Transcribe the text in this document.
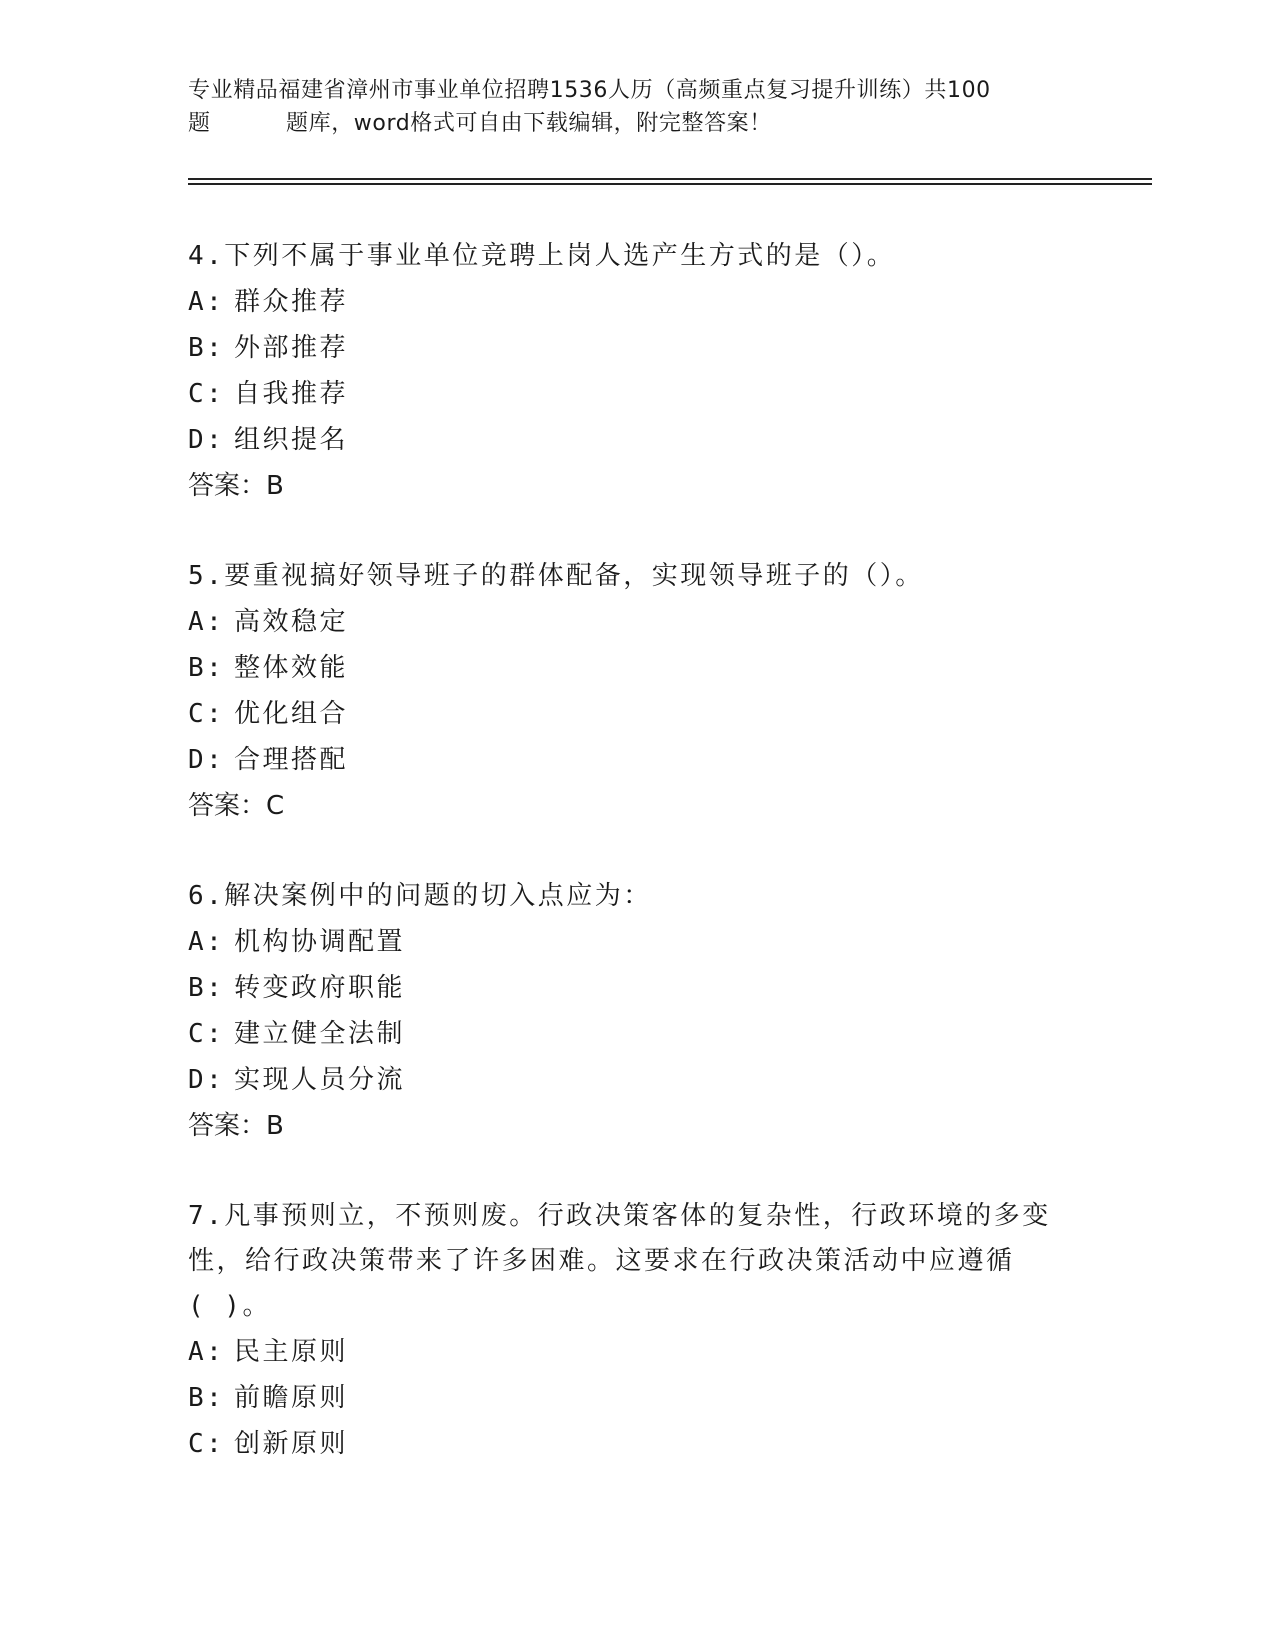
专业精品福建省漳州市事业单位招聘1536人历（高频重点复习提升训练）共100
题	题库，word格式可自由下载编辑，附完整答案！

4.下列不属于事业单位竞聘上岗人选产生方式的是（）。

A: 群众推荐

B: 外部推荐

C: 自我推荐

D: 组织提名

答案：B

5.要重视搞好领导班子的群体配备，实现领导班子的（）。

A: 高效稳定

B: 整体效能

C: 优化组合

D: 合理搭配

答案：C

6.解决案例中的问题的切入点应为：

A: 机构协调配置

B: 转变政府职能

C: 建立健全法制

D: 实现人员分流

答案：B

7.凡事预则立，不预则废。行政决策客体的复杂性，行政环境的多变

性，给行政决策带来了许多困难。这要求在行政决策活动中应遵循

( )。

A: 民主原则

B: 前瞻原则

C: 创新原则
